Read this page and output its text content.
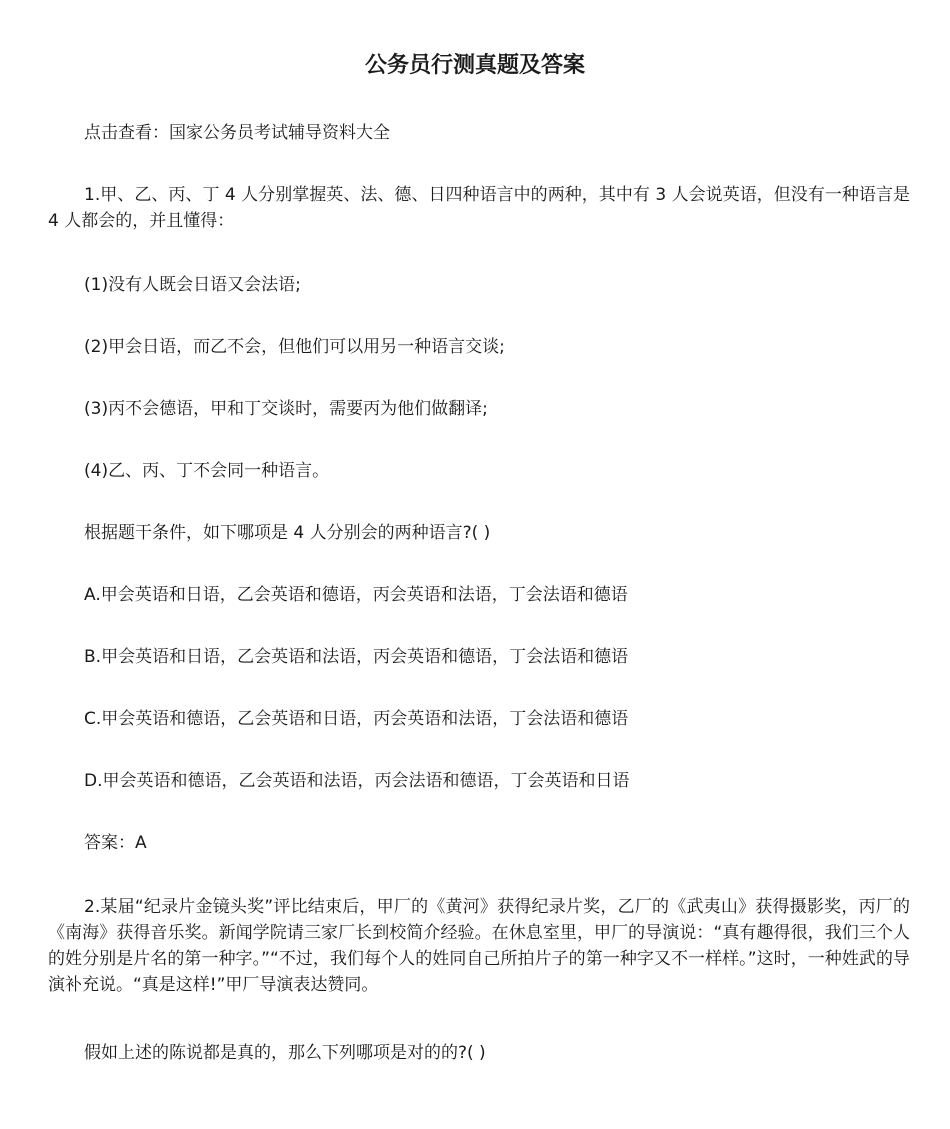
公务员行测真题及答案

点击查看：国家公务员考试辅导资料大全

1.甲、乙、丙、丁 4 人分别掌握英、法、德、日四种语言中的两种，其中有 3 人会说英语，但没有一种语言是 4 人都会的，并且懂得：

(1)没有人既会日语又会法语;

(2)甲会日语，而乙不会，但他们可以用另一种语言交谈;

(3)丙不会德语，甲和丁交谈时，需要丙为他们做翻译;

(4)乙、丙、丁不会同一种语言。

根据题干条件，如下哪项是 4 人分别会的两种语言?( )

A.甲会英语和日语，乙会英语和德语，丙会英语和法语，丁会法语和德语

B.甲会英语和日语，乙会英语和法语，丙会英语和德语，丁会法语和德语

C.甲会英语和德语，乙会英语和日语，丙会英语和法语，丁会法语和德语

D.甲会英语和德语，乙会英语和法语，丙会法语和德语，丁会英语和日语

答案：A

2.某届“纪录片金镜头奖”评比结束后，甲厂的《黄河》获得纪录片奖，乙厂的《武夷山》获得摄影奖，丙厂的《南海》获得音乐奖。新闻学院请三家厂长到校简介经验。在休息室里，甲厂的导演说：“真有趣得很，我们三个人的姓分别是片名的第一种字。”“不过，我们每个人的姓同自己所拍片子的第一种字又不一样样。”这时，一种姓武的导演补充说。“真是这样!”甲厂导演表达赞同。

假如上述的陈说都是真的，那么下列哪项是对的的?( )
